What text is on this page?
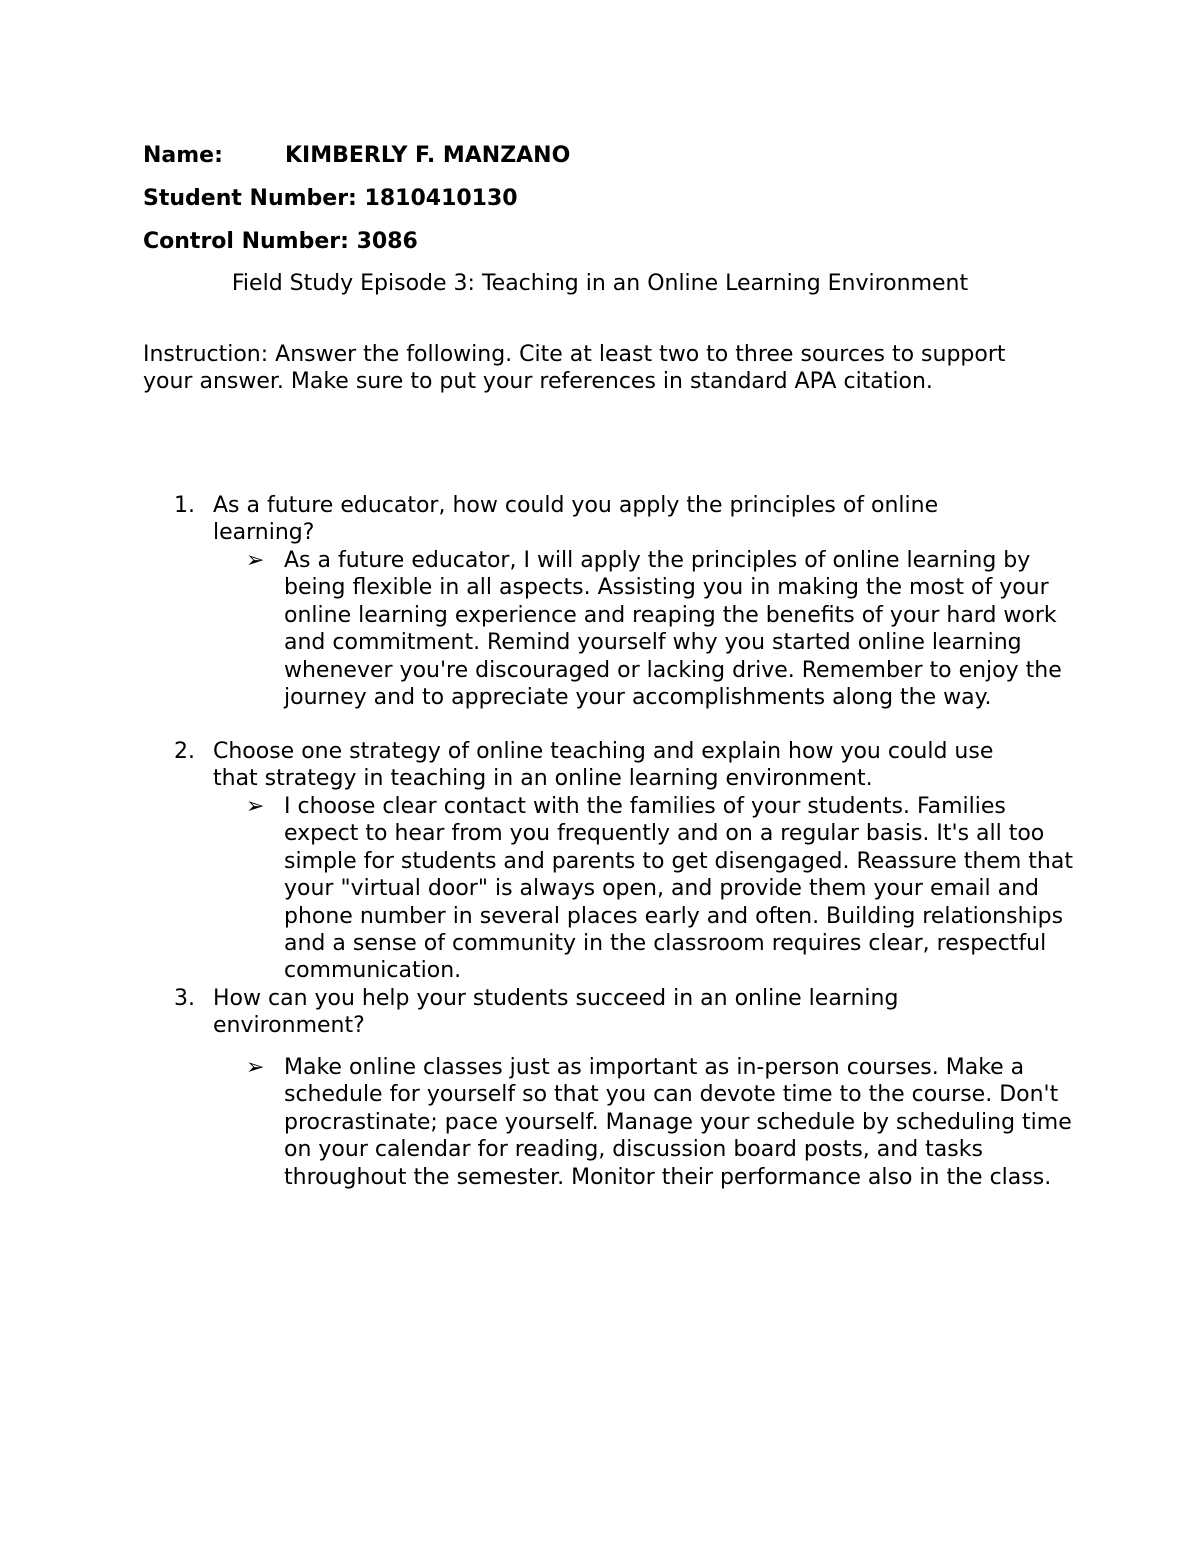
Name:	KIMBERLY F. MANZANO
Student Number: 1810410130
Control Number: 3086
Field Study Episode 3: Teaching in an Online Learning Environment
Instruction: Answer the following. Cite at least two to three sources to support your answer. Make sure to put your references in standard APA citation.
1. As a future educator, how could you apply the principles of online learning?
➢ As a future educator, I will apply the principles of online learning by being flexible in all aspects. Assisting you in making the most of your online learning experience and reaping the benefits of your hard work and commitment. Remind yourself why you started online learning whenever you're discouraged or lacking drive. Remember to enjoy the journey and to appreciate your accomplishments along the way.
2. Choose one strategy of online teaching and explain how you could use that strategy in teaching in an online learning environment.
➢ I choose clear contact with the families of your students. Families expect to hear from you frequently and on a regular basis. It's all too simple for students and parents to get disengaged. Reassure them that your "virtual door" is always open, and provide them your email and phone number in several places early and often. Building relationships and a sense of community in the classroom requires clear, respectful communication.
3. How can you help your students succeed in an online learning environment?
➢ Make online classes just as important as in-person courses. Make a schedule for yourself so that you can devote time to the course. Don't procrastinate; pace yourself. Manage your schedule by scheduling time on your calendar for reading, discussion board posts, and tasks throughout the semester. Monitor their performance also in the class.
